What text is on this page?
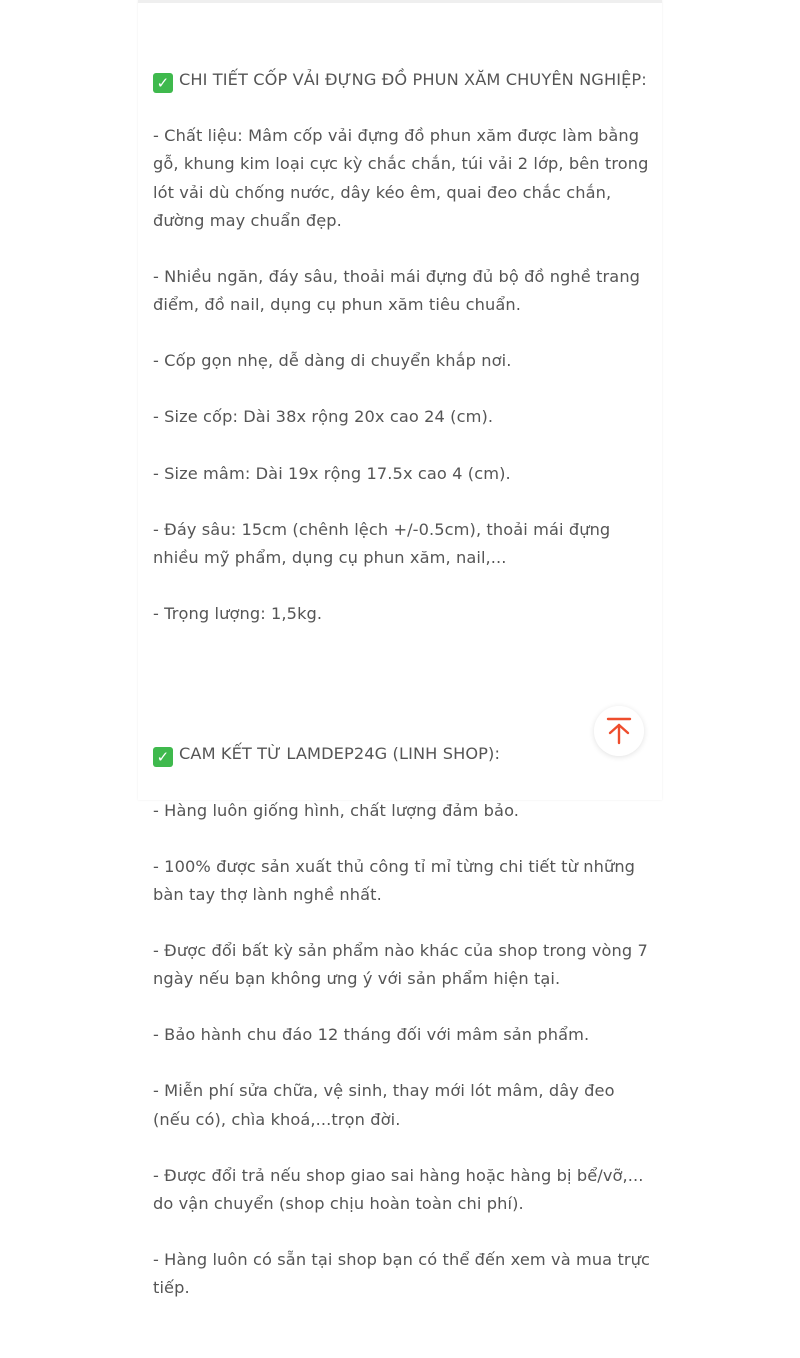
✓ CHI TIẾT CỐP VẢI ĐỰNG ĐỒ PHUN XĂM CHUYÊN NGHIỆP:

- Chất liệu: Mâm cốp vải đựng đồ phun xăm được làm bằng gỗ, khung kim loại cực kỳ chắc chắn, túi vải 2 lớp, bên trong lót vải dù chống nước, dây kéo êm, quai đeo chắc chắn, đường may chuẩn đẹp.

- Nhiều ngăn, đáy sâu, thoải mái đựng đủ bộ đồ nghề trang điểm, đồ nail, dụng cụ phun xăm tiêu chuẩn.

- Cốp gọn nhẹ, dễ dàng di chuyển khắp nơi.

- Size cốp: Dài 38x rộng 20x cao 24 (cm).

- Size mâm: Dài 19x rộng 17.5x cao 4 (cm).

- Đáy sâu: 15cm (chênh lệch +/-0.5cm), thoải mái đựng nhiều mỹ phẩm, dụng cụ phun xăm, nail,...

- Trọng lượng: 1,5kg.

✓ CAM KẾT TỪ LAMDEP24G (LINH SHOP):

- Hàng luôn giống hình, chất lượng đảm bảo.

- 100% được sản xuất thủ công tỉ mỉ từng chi tiết từ những bàn tay thợ lành nghề nhất.

- Được đổi bất kỳ sản phẩm nào khác của shop trong vòng 7 ngày nếu bạn không ưng ý với sản phẩm hiện tại.

- Bảo hành chu đáo 12 tháng đối với mâm sản phẩm.

- Miễn phí sửa chữa, vệ sinh, thay mới lót mâm, dây đeo (nếu có), chìa khoá,...trọn đời.

- Được đổi trả nếu shop giao sai hàng hoặc hàng bị bể/vỡ,... do vận chuyển (shop chịu hoàn toàn chi phí).

- Hàng luôn có sẵn tại shop bạn có thể đến xem và mua trực tiếp.
